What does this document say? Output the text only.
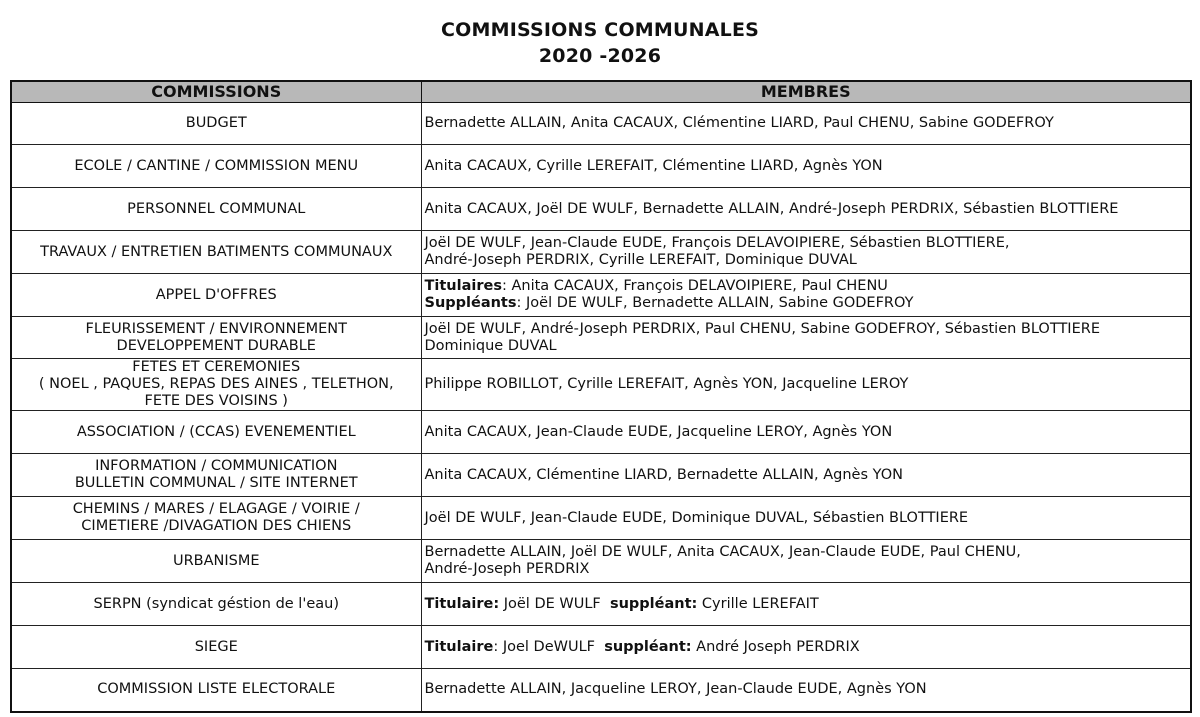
COMMISSIONS COMMUNALES
2020 -2026
COMMISSIONS	MEMBRES

BUDGET	Bernadette ALLAIN, Anita CACAUX, Clémentine LIARD, Paul CHENU, Sabine GODEFROY

ECOLE / CANTINE / COMMISSION MENU	Anita CACAUX, Cyrille LEREFAIT, Clémentine LIARD, Agnès YON

PERSONNEL COMMUNAL	Anita CACAUX, Joël DE WULF, Bernadette ALLAIN, André-Joseph PERDRIX, Sébastien BLOTTIERE

TRAVAUX / ENTRETIEN BATIMENTS COMMUNAUX	Joël DE WULF, Jean-Claude EUDE, François DELAVOIPIERE, Sébastien BLOTTIERE,
André-Joseph PERDRIX, Cyrille LEREFAIT, Dominique DUVAL

APPEL D'OFFRES	Titulaires: Anita CACAUX, François DELAVOIPIERE, Paul CHENU
Suppléants: Joël DE WULF, Bernadette ALLAIN, Sabine GODEFROY

FLEURISSEMENT / ENVIRONNEMENT
DEVELOPPEMENT DURABLE	Joël DE WULF, André-Joseph PERDRIX, Paul CHENU, Sabine GODEFROY, Sébastien BLOTTIERE
Dominique DUVAL

FETES ET CEREMONIES
( NOEL , PAQUES, REPAS DES AINES , TELETHON,
FETE DES VOISINS )	Philippe ROBILLOT, Cyrille LEREFAIT, Agnès YON, Jacqueline LEROY

ASSOCIATION / (CCAS) EVENEMENTIEL	Anita CACAUX, Jean-Claude EUDE, Jacqueline LEROY, Agnès YON

INFORMATION / COMMUNICATION
BULLETIN COMMUNAL / SITE INTERNET	Anita CACAUX, Clémentine LIARD, Bernadette ALLAIN, Agnès YON

CHEMINS / MARES / ELAGAGE / VOIRIE /
CIMETIERE /DIVAGATION DES CHIENS	Joël DE WULF, Jean-Claude EUDE, Dominique DUVAL, Sébastien BLOTTIERE

URBANISME	Bernadette ALLAIN, Joël DE WULF, Anita CACAUX, Jean-Claude EUDE, Paul CHENU,
André-Joseph PERDRIX

SERPN (syndicat géstion de l'eau)	Titulaire: Joël DE WULF  suppléant: Cyrille LEREFAIT

SIEGE	Titulaire: Joel DeWULF  suppléant: André Joseph PERDRIX

COMMISSION LISTE ELECTORALE	Bernadette ALLAIN, Jacqueline LEROY, Jean-Claude EUDE, Agnès YON
